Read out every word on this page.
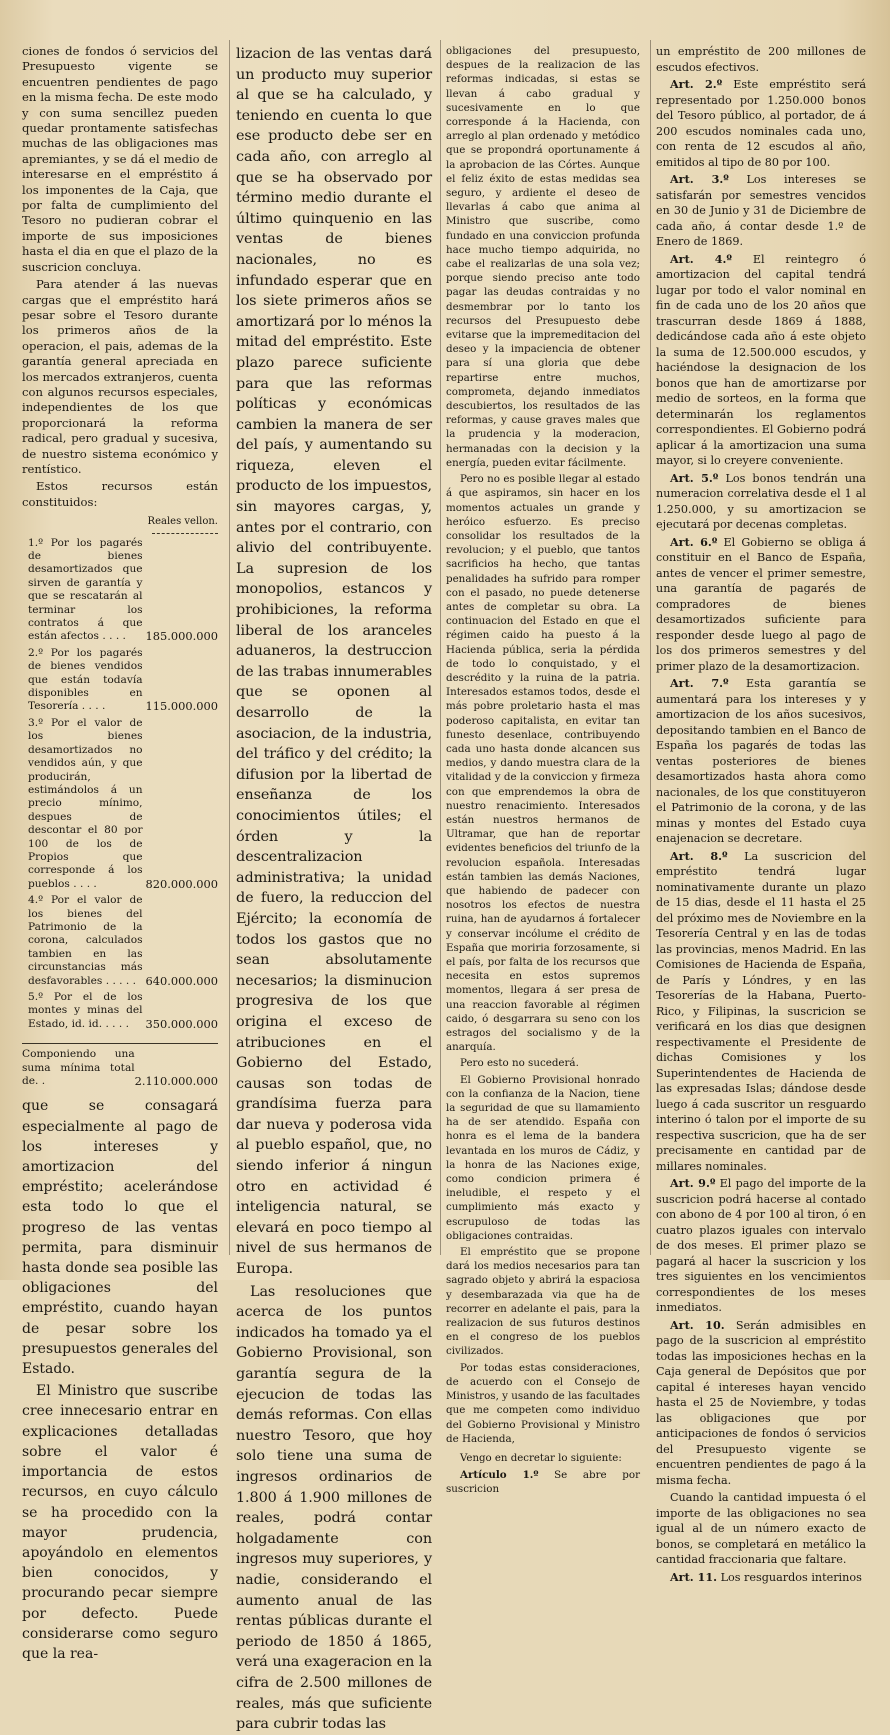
ciones de fondos ó servicios del Presupuesto vigente se encuentren pendientes de pago en la misma fecha. De este modo y con suma sencillez pueden quedar prontamente satisfechas muchas de las obligaciones mas apremiantes, y se dá el medio de interesarse en el empréstito á los imponentes de la Caja, que por falta de cumplimiento del Tesoro no pudieran cobrar el importe de sus imposiciones hasta el dia en que el plazo de la suscricion concluya.

Para atender á las nuevas cargas que el empréstito hará pesar sobre el Tesoro durante los primeros años de la operacion, el pais, ademas de la garantía general apreciada en los mercados extranjeros, cuenta con algunos recursos especiales, independientes de los que proporcionará la reforma radical, pero gradual y sucesiva, de nuestro sistema económico y rentístico.

Estos recursos están constituidos:

Reales vellon.
1.º Por los pagarés de bienes desamortizados que sirven de garantía y que se rescatarán al terminar los contratos á que están afectos . . . .	185.000.000
2.º Por los pagarés de bienes vendidos que están todavía disponibles en Tesorería . . . .	115.000.000
3.º Por el valor de los bienes desamortizados no vendidos aún, y que producirán, estimándolos á un precio mínimo, despues de descontar el 80 por 100 de los de Propios que corresponde á los pueblos . . . .	820.000.000
4.º Por el valor de los bienes del Patrimonio de la corona, calculados tambien en las circunstancias más desfavorables . . . . . 640.000.000
5.º Por el de los montes y minas del Estado, id. id. . . . .	350.000.000
Componiendo una suma mínima total de. .	2.110.000.000

que se consagará especialmente al pago de los intereses y amortizacion del empréstito; acelerándose esta todo lo que el progreso de las ventas permita, para disminuir hasta donde sea posible las obligaciones del empréstito, cuando hayan de pesar sobre los presupuestos generales del Estado.

El Ministro que suscribe cree innecesario entrar en explicaciones detalladas sobre el valor é importancia de estos recursos, en cuyo cálculo se ha procedido con la mayor prudencia, apoyándolo en elementos bien conocidos, y procurando pecar siempre por defecto. Puede considerarse como seguro que la rea-

lizacion de las ventas dará un producto muy superior al que se ha calculado, y teniendo en cuenta lo que ese producto debe ser en cada año, con arreglo al que se ha observado por término medio durante el último quinquenio en las ventas de bienes nacionales, no es infundado esperar que en los siete primeros años se amortizará por lo ménos la mitad del empréstito. Este plazo parece suficiente para que las reformas políticas y económicas cambien la manera de ser del país, y aumentando su riqueza, eleven el producto de los impuestos, sin mayores cargas, y, antes por el contrario, con alivio del contribuyente. La supresion de los monopolios, estancos y prohibiciones, la reforma liberal de los aranceles aduaneros, la destruccion de las trabas innumerables que se oponen al desarrollo de la asociacion, de la industria, del tráfico y del crédito; la difusion por la libertad de enseñanza de los conocimientos útiles; el órden y la descentralizacion administrativa; la unidad de fuero, la reduccion del Ejército; la economía de todos los gastos que no sean absolutamente necesarios; la disminucion progresiva de los que origina el exceso de atribuciones en el Gobierno del Estado, causas son todas de grandísima fuerza para dar nueva y poderosa vida al pueblo español, que, no siendo inferior á ningun otro en actividad é inteligencia natural, se elevará en poco tiempo al nivel de sus hermanos de Europa.

Las resoluciones que acerca de los puntos indicados ha tomado ya el Gobierno Provisional, son garantía segura de la ejecucion de todas las demás reformas. Con ellas nuestro Tesoro, que hoy solo tiene una suma de ingresos ordinarios de 1.800 á 1.900 millones de reales, podrá contar holgadamente con ingresos muy superiores, y nadie, considerando el aumento anual de las rentas públicas durante el periodo de 1850 á 1865, verá una exageracion en la cifra de 2.500 millones de reales, más que suficiente para cubrir todas las

obligaciones del presupuesto, despues de la realizacion de las reformas indicadas, si estas se llevan á cabo gradual y sucesivamente en lo que corresponde á la Hacienda, con arreglo al plan ordenado y metódico que se propondrá oportunamente á la aprobacion de las Córtes. Aunque el feliz éxito de estas medidas sea seguro, y ardiente el deseo de llevarlas á cabo que anima al Ministro que suscribe, como fundado en una conviccion profunda hace mucho tiempo adquirida, no cabe el realizarlas de una sola vez; porque siendo preciso ante todo pagar las deudas contraidas y no desmembrar por lo tanto los recursos del Presupuesto debe evitarse que la impremeditacion del deseo y la impaciencia de obtener para sí una gloria que debe repartirse entre muchos, comprometa, dejando inmediatos descubiertos, los resultados de las reformas, y cause graves males que la prudencia y la moderacion, hermanadas con la decision y la energía, pueden evitar fácilmente.

Pero no es posible llegar al estado á que aspiramos, sin hacer en los momentos actuales un grande y heróico esfuerzo. Es preciso consolidar los resultados de la revolucion; y el pueblo, que tantos sacrificios ha hecho, que tantas penalidades ha sufrido para romper con el pasado, no puede detenerse antes de completar su obra. La continuacion del Estado en que el régimen caido ha puesto á la Hacienda pública, seria la pérdida de todo lo conquistado, y el descrédito y la ruina de la patria. Interesados estamos todos, desde el más pobre proletario hasta el mas poderoso capitalista, en evitar tan funesto desenlace, contribuyendo cada uno hasta donde alcancen sus medios, y dando muestra clara de la vitalidad y de la conviccion y firmeza con que emprendemos la obra de nuestro renacimiento. Interesados están nuestros hermanos de Ultramar, que han de reportar evidentes beneficios del triunfo de la revolucion española. Interesadas están tambien las demás Naciones, que habiendo de padecer con nosotros los efectos de nuestra ruina, han de ayudarnos á fortalecer y conservar incólume el crédito de España que moriria forzosamente, si el país, por falta de los recursos que necesita en estos supremos momentos, llegara á ser presa de una reaccion favorable al régimen caido, ó desgarrara su seno con los estragos del socialismo y de la anarquía.

Pero esto no sucederá.

El Gobierno Provisional honrado con la confianza de la Nacion, tiene la seguridad de que su llamamiento ha de ser atendido. España con honra es el lema de la bandera levantada en los muros de Cádiz, y la honra de las Naciones exige, como condicion primera é ineludible, el respeto y el cumplimiento más exacto y escrupuloso de todas las obligaciones contraidas.

El empréstito que se propone dará los medios necesarios para tan sagrado objeto y abrirá la espaciosa y desembarazada via que ha de recorrer en adelante el pais, para la realizacion de sus futuros destinos en el congreso de los pueblos civilizados.

Por todas estas consideraciones, de acuerdo con el Consejo de Ministros, y usando de las facultades que me competen como individuo del Gobierno Provisional y Ministro de Hacienda,

Vengo en decretar lo siguiente:

Artículo 1.º Se abre por suscricion

un empréstito de 200 millones de escudos efectivos.

Art. 2.º Este empréstito será representado por 1.250.000 bonos del Tesoro público, al portador, de á 200 escudos nominales cada uno, con renta de 12 escudos al año, emitidos al tipo de 80 por 100.

Art. 3.º Los intereses se satisfarán por semestres vencidos en 30 de Junio y 31 de Diciembre de cada año, á contar desde 1.º de Enero de 1869.

Art. 4.º El reintegro ó amortizacion del capital tendrá lugar por todo el valor nominal en fin de cada uno de los 20 años que trascurran desde 1869 á 1888, dedicándose cada año á este objeto la suma de 12.500.000 escudos, y haciéndose la designacion de los bonos que han de amortizarse por medio de sorteos, en la forma que determinarán los reglamentos correspondientes. El Gobierno podrá aplicar á la amortizacion una suma mayor, si lo creyere conveniente.

Art. 5.º Los bonos tendrán una numeracion correlativa desde el 1 al 1.250.000, y su amortizacion se ejecutará por decenas completas.

Art. 6.º El Gobierno se obliga á constituir en el Banco de España, antes de vencer el primer semestre, una garantía de pagarés de compradores de bienes desamortizados suficiente para responder desde luego al pago de los dos primeros semestres y del primer plazo de la desamortizacion.

Art. 7.º Esta garantía se aumentará para los intereses y y amortizacion de los años sucesivos, depositando tambien en el Banco de España los pagarés de todas las ventas posteriores de bienes desamortizados hasta ahora como nacionales, de los que constituyeron el Patrimonio de la corona, y de las minas y montes del Estado cuya enajenacion se decretare.

Art. 8.º La suscricion del empréstito tendrá lugar nominativamente durante un plazo de 15 dias, desde el 11 hasta el 25 del próximo mes de Noviembre en la Tesorería Central y en las de todas las provincias, menos Madrid. En las Comisiones de Hacienda de España, de París y Lóndres, y en las Tesorerías de la Habana, Puerto-Rico, y Filipinas, la suscricion se verificará en los dias que designen respectivamente el Presidente de dichas Comisiones y los Superintendentes de Hacienda de las expresadas Islas; dándose desde luego á cada suscritor un resguardo interino ó talon por el importe de su respectiva suscricion, que ha de ser precisamente en cantidad par de millares nominales.

Art. 9.º El pago del importe de la suscricion podrá hacerse al contado con abono de 4 por 100 al tiron, ó en cuatro plazos iguales con intervalo de dos meses. El primer plazo se pagará al hacer la suscricion y los tres siguientes en los vencimientos correspondientes de los meses inmediatos.

Art. 10. Serán admisibles en pago de la suscricion al empréstito todas las imposiciones hechas en la Caja general de Depósitos que por capital é intereses hayan vencido hasta el 25 de Noviembre, y todas las obligaciones que por anticipaciones de fondos ó servicios del Presupuesto vigente se encuentren pendientes de pago á la misma fecha.

Cuando la cantidad impuesta ó el importe de las obligaciones no sea igual al de un número exacto de bonos, se completará en metálico la cantidad fraccionaria que faltare.

Art. 11. Los resguardos interinos
